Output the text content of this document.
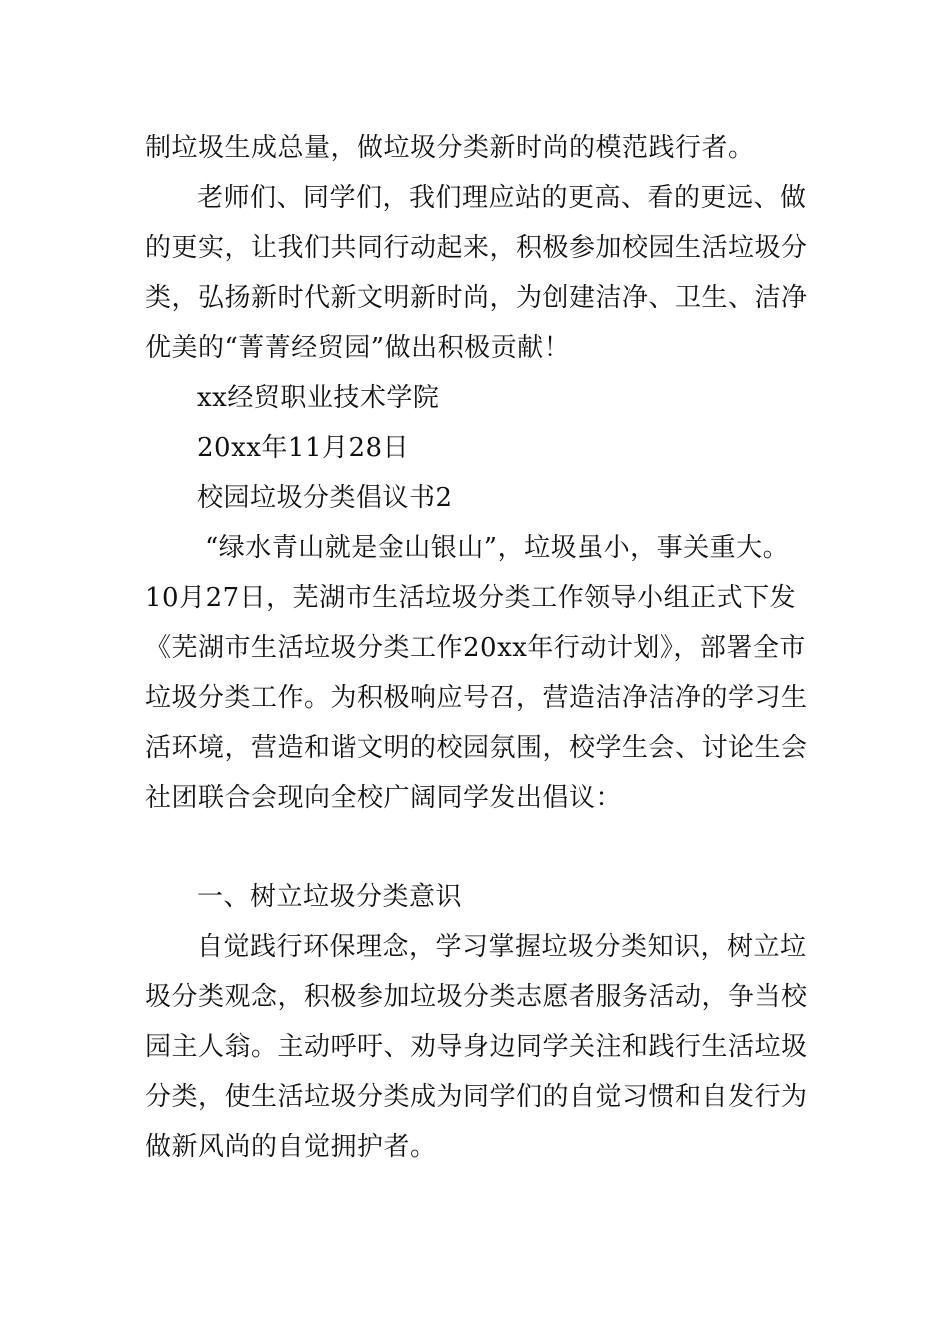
制垃圾生成总量，做垃圾分类新时尚的模范践行者。
老师们、同学们，我们理应站的更高、看的更远、做
的更实，让我们共同行动起来，积极参加校园生活垃圾分
类，弘扬新时代新文明新时尚，为创建洁净、卫生、洁净
优美的“菁菁经贸园”做出积极贡献！
xx经贸职业技术学院
20xx年11月28日
校园垃圾分类倡议书2
“绿水青山就是金山银山”，垃圾虽小，事关重大。
10月27日，芜湖市生活垃圾分类工作领导小组正式下发
《芜湖市生活垃圾分类工作20xx年行动计划》，部署全市
垃圾分类工作。为积极响应号召，营造洁净洁净的学习生
活环境，营造和谐文明的校园氛围，校学生会、讨论生会
社团联合会现向全校广阔同学发出倡议：
一、树立垃圾分类意识
自觉践行环保理念，学习掌握垃圾分类知识，树立垃
圾分类观念，积极参加垃圾分类志愿者服务活动，争当校
园主人翁。主动呼吁、劝导身边同学关注和践行生活垃圾
分类，使生活垃圾分类成为同学们的自觉习惯和自发行为
做新风尚的自觉拥护者。
